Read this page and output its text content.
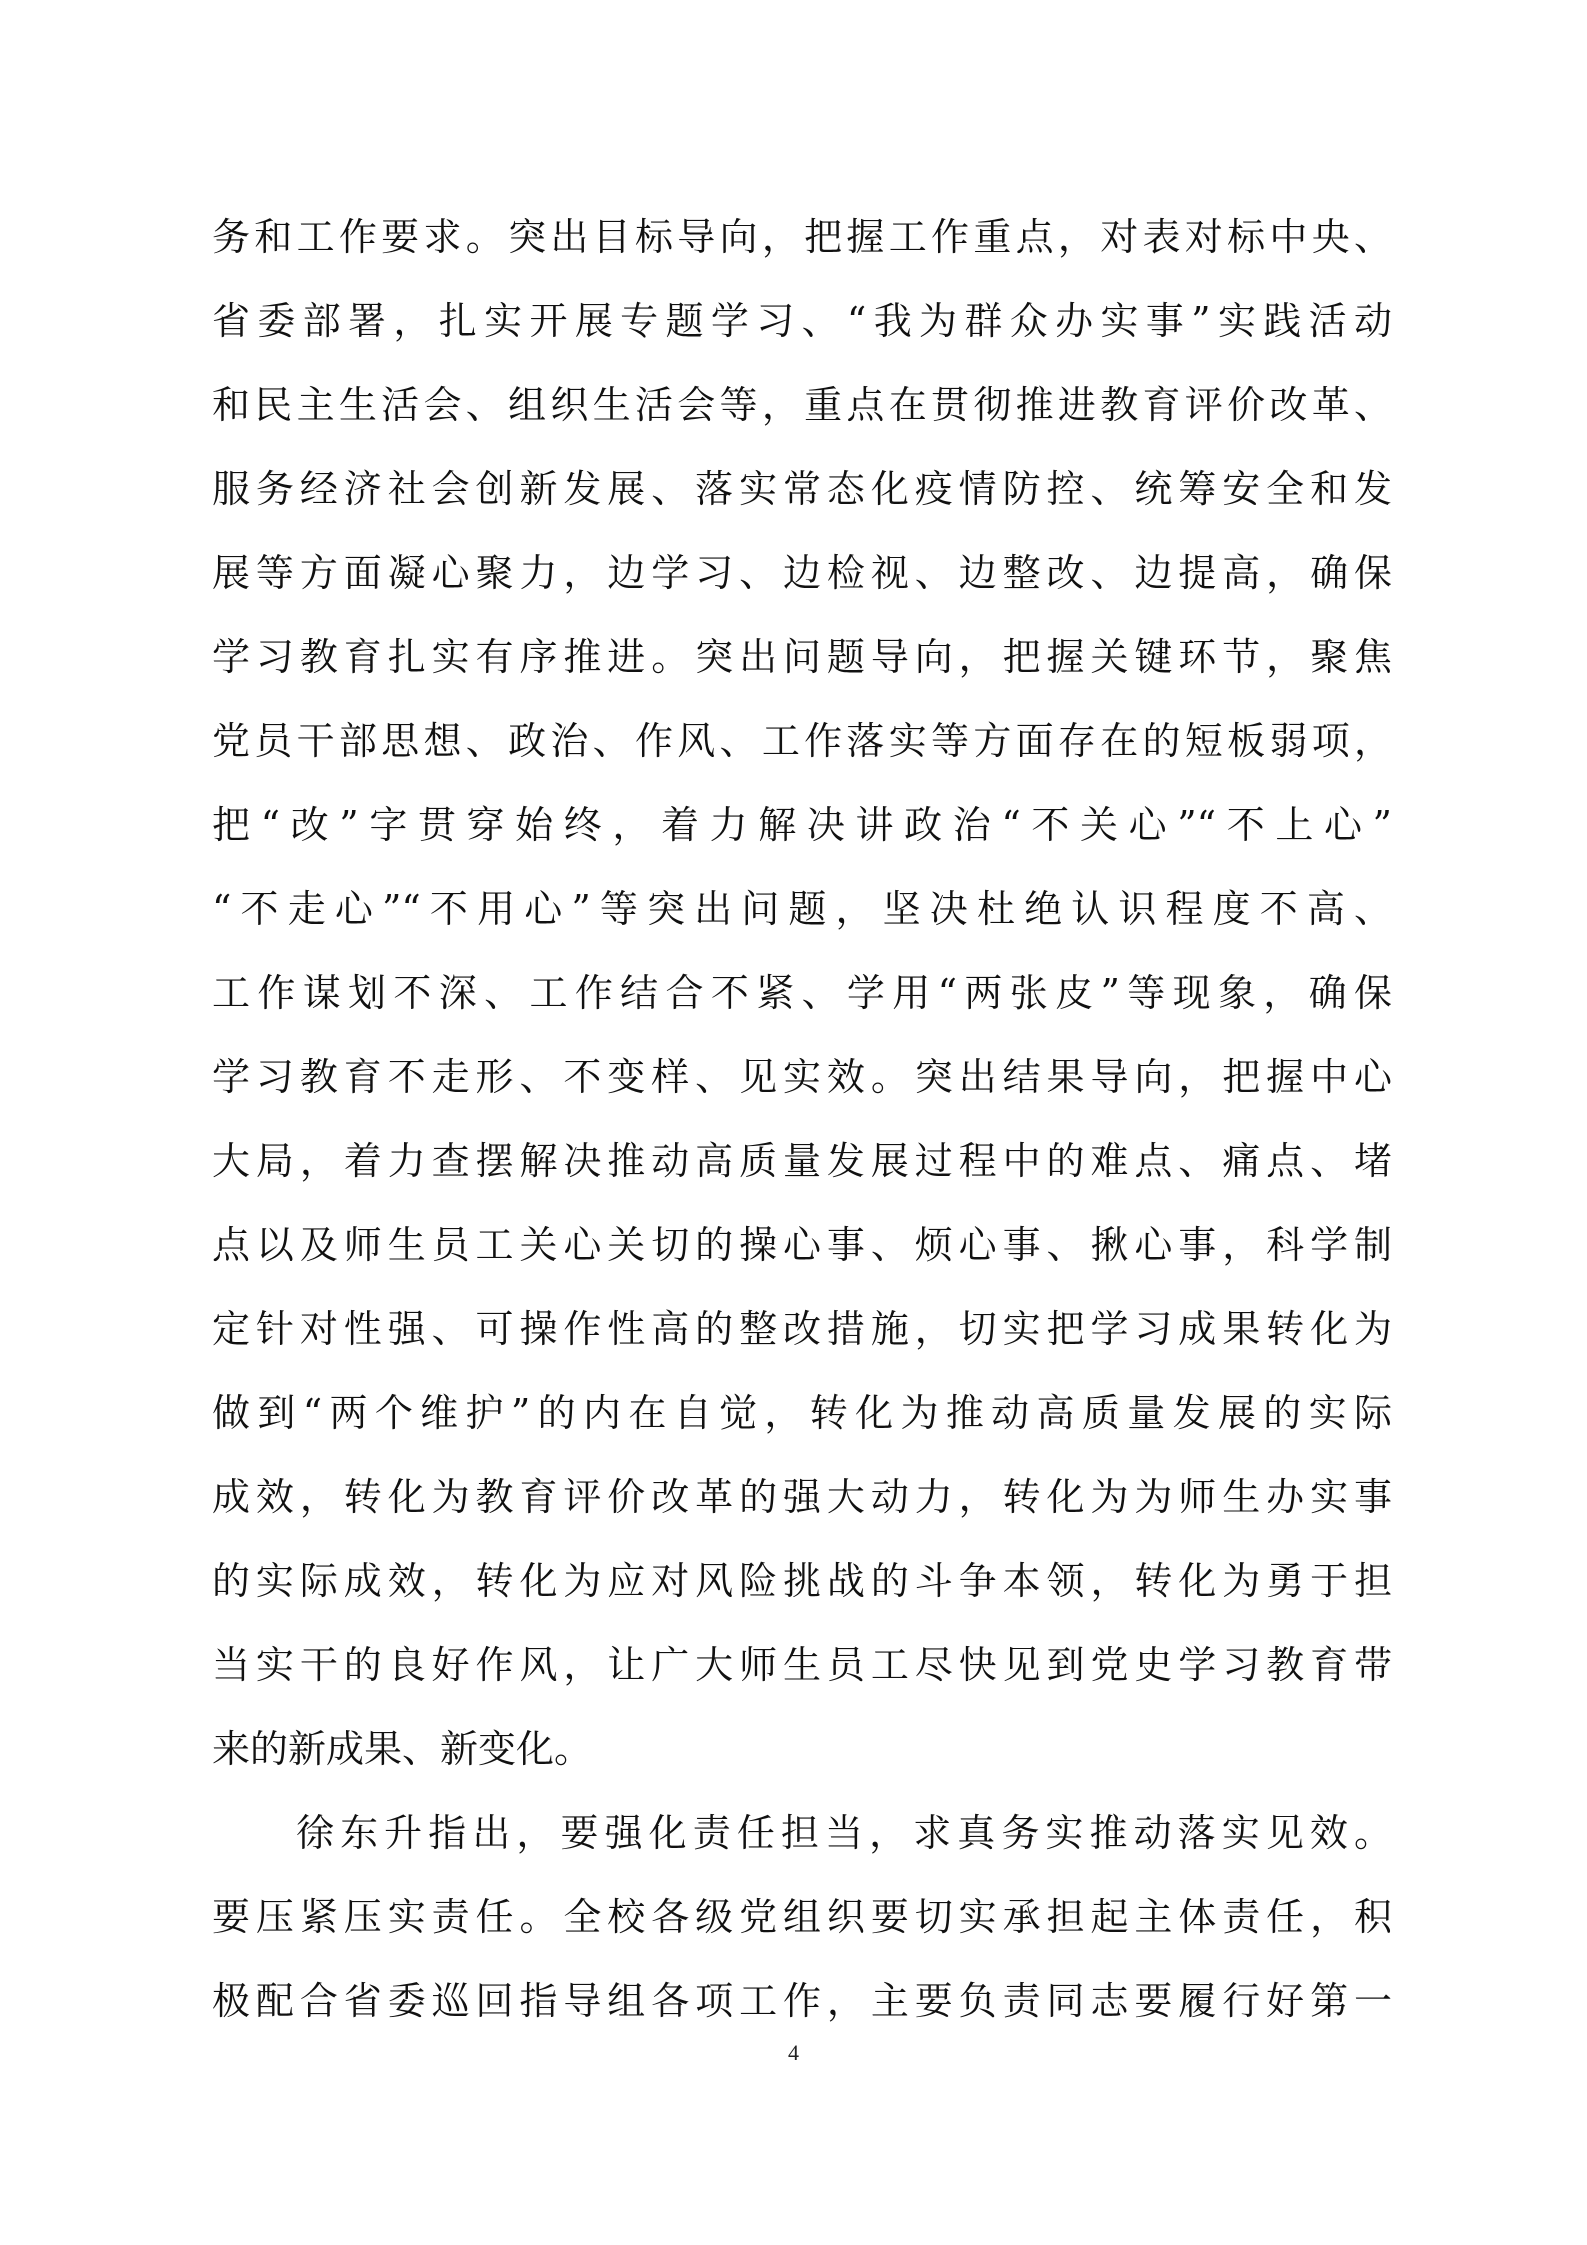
务和工作要求。突出目标导向，把握工作重点，对表对标中央、
省委部署，扎实开展专题学习、“我为群众办实事”实践活动
和民主生活会、组织生活会等，重点在贯彻推进教育评价改革、
服务经济社会创新发展、落实常态化疫情防控、统筹安全和发
展等方面凝心聚力，边学习、边检视、边整改、边提高，确保
学习教育扎实有序推进。突出问题导向，把握关键环节，聚焦
党员干部思想、政治、作风、工作落实等方面存在的短板弱项，
把“改”字贯穿始终，着力解决讲政治“不关心”“不上心”
“不走心”“不用心”等突出问题，坚决杜绝认识程度不高、
工作谋划不深、工作结合不紧、学用“两张皮”等现象，确保
学习教育不走形、不变样、见实效。突出结果导向，把握中心
大局，着力查摆解决推动高质量发展过程中的难点、痛点、堵
点以及师生员工关心关切的操心事、烦心事、揪心事，科学制
定针对性强、可操作性高的整改措施，切实把学习成果转化为
做到“两个维护”的内在自觉，转化为推动高质量发展的实际
成效，转化为教育评价改革的强大动力，转化为为师生办实事
的实际成效，转化为应对风险挑战的斗争本领，转化为勇于担
当实干的良好作风，让广大师生员工尽快见到党史学习教育带
来的新成果、新变化。
徐东升指出，要强化责任担当，求真务实推动落实见效。
要压紧压实责任。全校各级党组织要切实承担起主体责任，积
极配合省委巡回指导组各项工作，主要负责同志要履行好第一
4
